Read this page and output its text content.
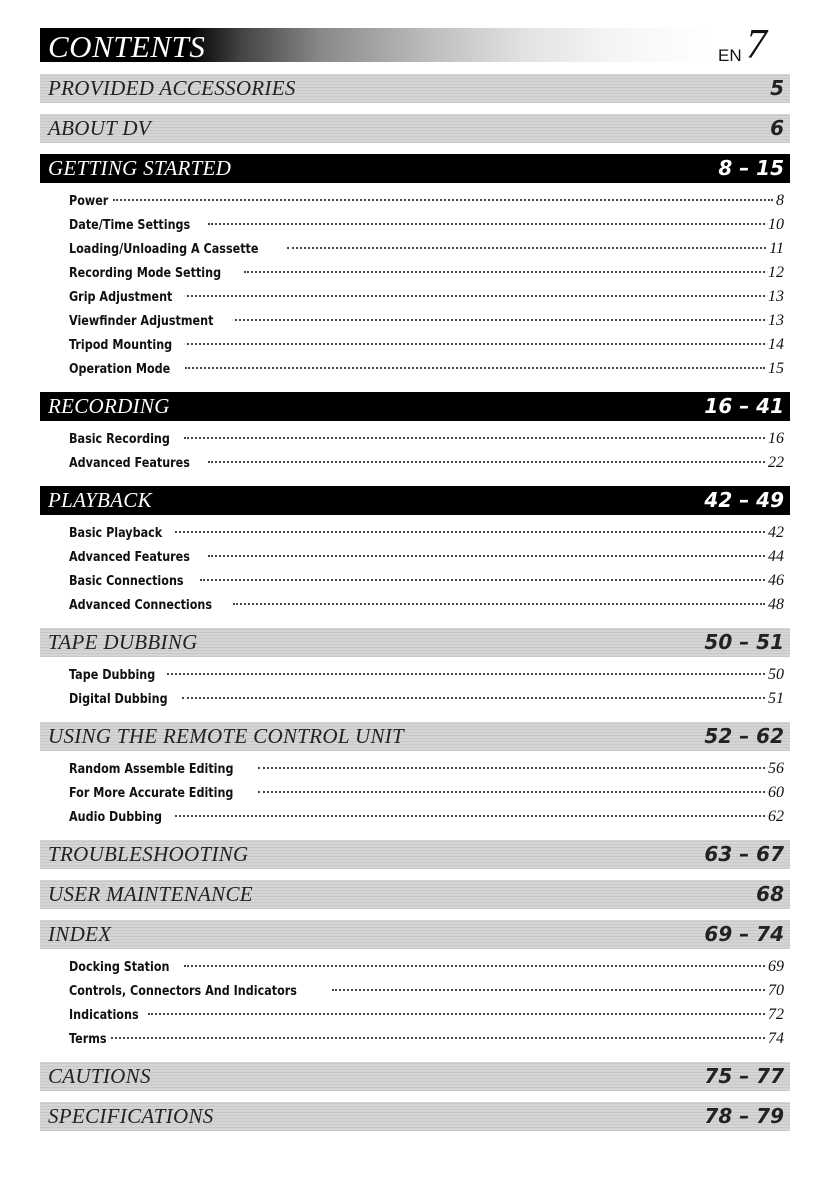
CONTENTS	EN 7
PROVIDED ACCESSORIES	5
ABOUT DV	6
GETTING STARTED	8 – 15
Power	8
Date/Time Settings	10
Loading/Unloading A Cassette	11
Recording Mode Setting	12
Grip Adjustment	13
Viewfinder Adjustment	13
Tripod Mounting	14
Operation Mode	15
RECORDING	16 – 41
Basic Recording	16
Advanced Features	22
PLAYBACK	42 – 49
Basic Playback	42
Advanced Features	44
Basic Connections	46
Advanced Connections	48
TAPE DUBBING	50 – 51
Tape Dubbing	50
Digital Dubbing	51
USING THE REMOTE CONTROL UNIT	52 – 62
Random Assemble Editing	56
For More Accurate Editing	60
Audio Dubbing	62
TROUBLESHOOTING	63 – 67
USER MAINTENANCE	68
INDEX	69 – 74
Docking Station	69
Controls, Connectors And Indicators	70
Indications	72
Terms	74
CAUTIONS	75 – 77
SPECIFICATIONS	78 – 79
